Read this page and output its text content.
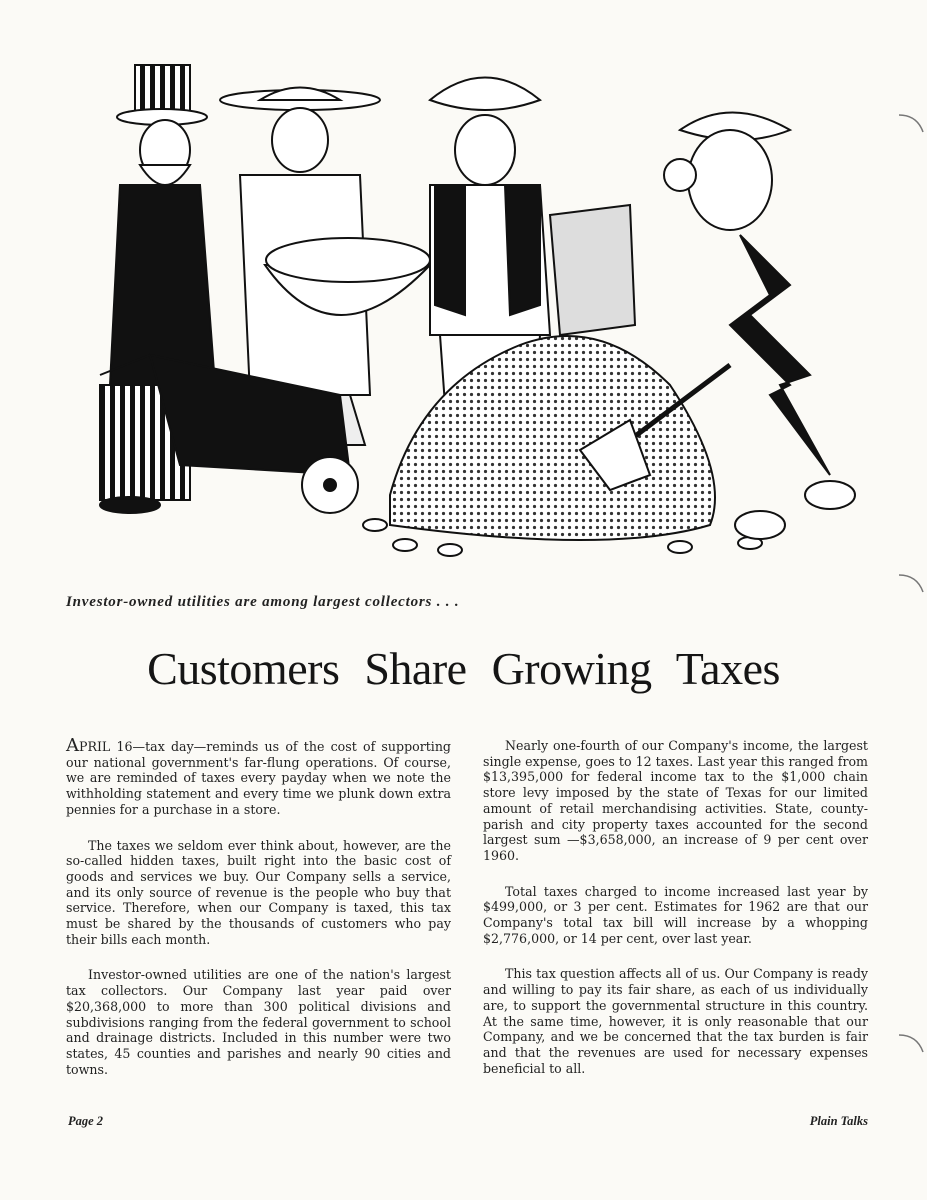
Investor-owned utilities are among largest collectors . . .
Customers Share Growing Taxes

APRIL 16—tax day—reminds us of the cost of supporting our national government's far-flung operations. Of course, we are reminded of taxes every payday when we note the withholding statement and every time we plunk down extra pennies for a purchase in a store.

The taxes we seldom ever think about, however, are the so-called hidden taxes, built right into the basic cost of goods and services we buy. Our Company sells a service, and its only source of revenue is the people who buy that service. Therefore, when our Company is taxed, this tax must be shared by the thousands of customers who pay their bills each month.

Investor-owned utilities are one of the nation's largest tax collectors. Our Company last year paid over $20,368,000 to more than 300 political divisions and subdivisions ranging from the federal government to school and drainage districts. Included in this number were two states, 45 counties and parishes and nearly 90 cities and towns.

Nearly one-fourth of our Company's income, the largest single expense, goes to 12 taxes. Last year this ranged from $13,395,000 for federal income tax to the $1,000 chain store levy imposed by the state of Texas for our limited amount of retail merchandising activities. State, county-parish and city property taxes accounted for the second largest sum —$3,658,000, an increase of 9 per cent over 1960.

Total taxes charged to income increased last year by $499,000, or 3 per cent. Estimates for 1962 are that our Company's total tax bill will increase by a whopping $2,776,000, or 14 per cent, over last year.

This tax question affects all of us. Our Company is ready and willing to pay its fair share, as each of us individually are, to support the governmental structure in this country. At the same time, however, it is only reasonable that our Company, and we be concerned that the tax burden is fair and that the revenues are used for necessary expenses beneficial to all.

Page 2	Plain Talks
